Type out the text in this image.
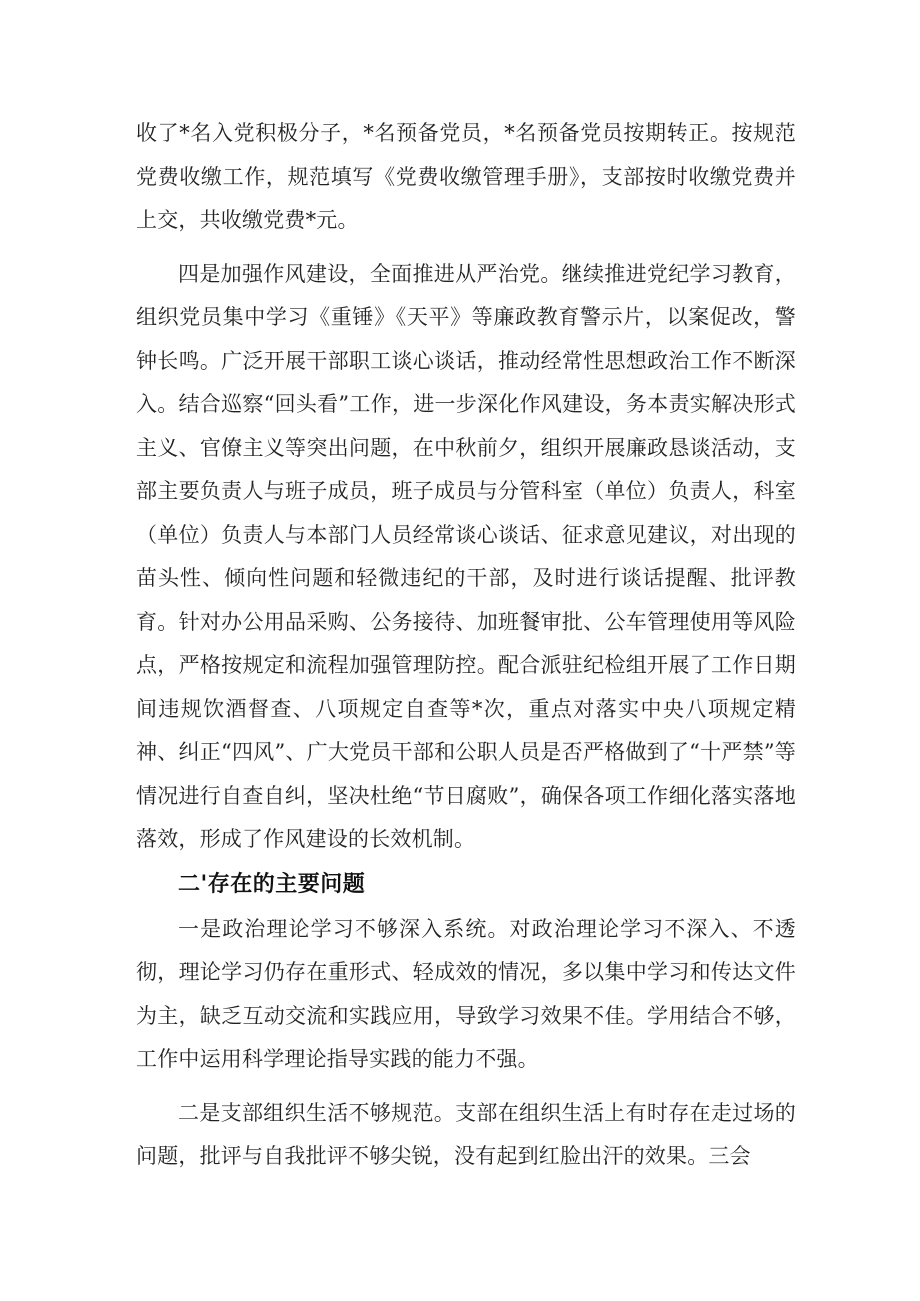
收了*名入党积极分子，*名预备党员，*名预备党员按期转正。按规范党费收缴工作，规范填写《党费收缴管理手册》，支部按时收缴党费并上交，共收缴党费*元。

四是加强作风建设，全面推进从严治党。继续推进党纪学习教育，组织党员集中学习《重锤》《天平》等廉政教育警示片，以案促改，警钟长鸣。广泛开展干部职工谈心谈话，推动经常性思想政治工作不断深入。结合巡察“回头看”工作，进一步深化作风建设，务本责实解决形式主义、官僚主义等突出问题，在中秋前夕，组织开展廉政恳谈活动，支部主要负责人与班子成员，班子成员与分管科室（单位）负责人，科室（单位）负责人与本部门人员经常谈心谈话、征求意见建议，对出现的苗头性、倾向性问题和轻微违纪的干部，及时进行谈话提醒、批评教育。针对办公用品采购、公务接待、加班餐审批、公车管理使用等风险点，严格按规定和流程加强管理防控。配合派驻纪检组开展了工作日期间违规饮酒督查、八项规定自查等*次，重点对落实中央八项规定精神、纠正“四风”、广大党员干部和公职人员是否严格做到了“十严禁”等情况进行自查自纠，坚决杜绝“节日腐败”，确保各项工作细化落实落地落效，形成了作风建设的长效机制。

二'存在的主要问题

一是政治理论学习不够深入系统。对政治理论学习不深入、不透彻，理论学习仍存在重形式、轻成效的情况，多以集中学习和传达文件为主，缺乏互动交流和实践应用，导致学习效果不佳。学用结合不够，工作中运用科学理论指导实践的能力不强。

二是支部组织生活不够规范。支部在组织生活上有时存在走过场的问题，批评与自我批评不够尖锐，没有起到红脸出汗的效果。三会
